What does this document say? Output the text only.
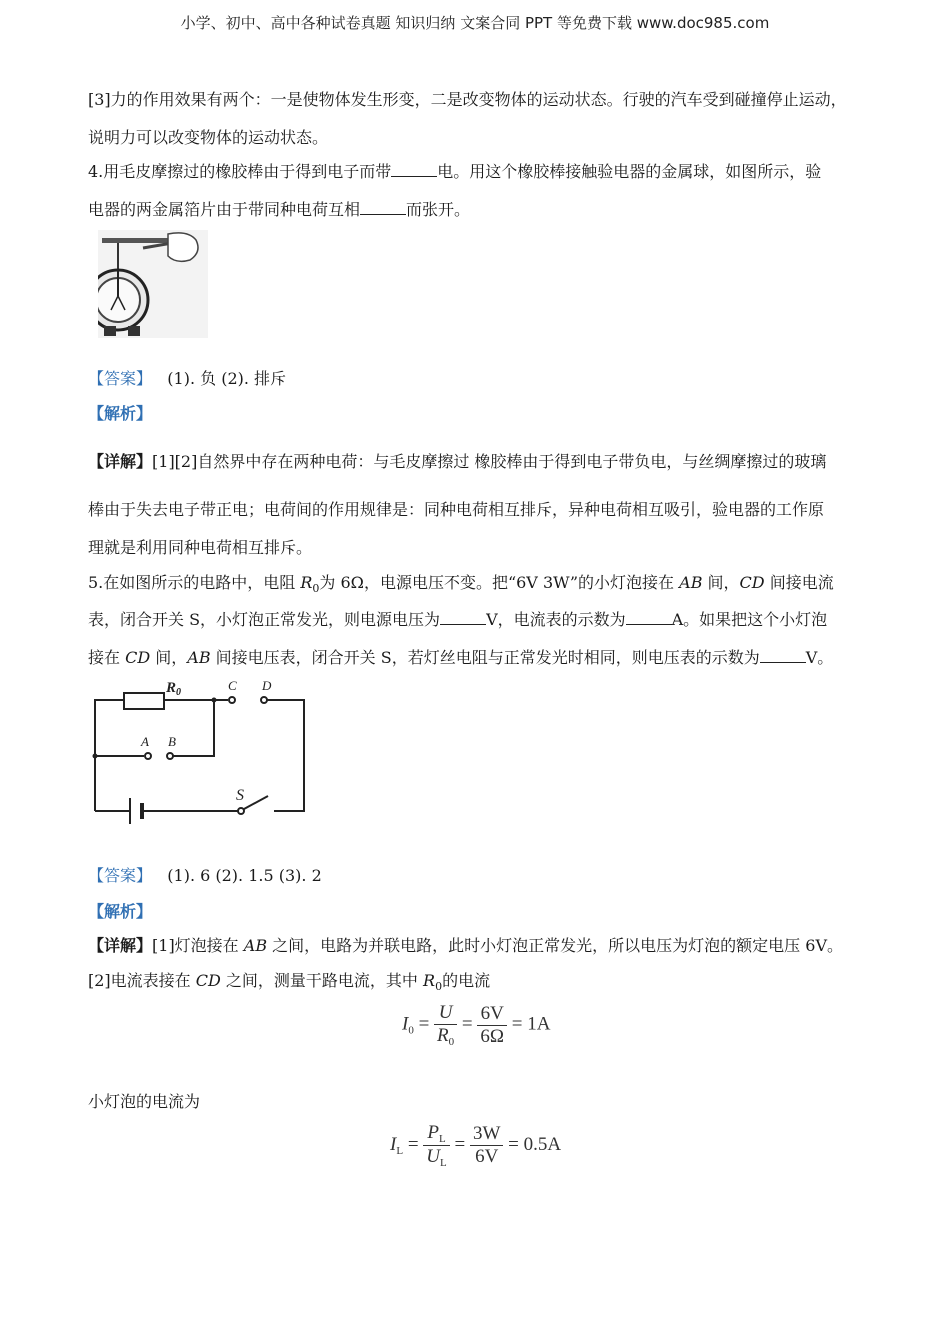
小学、初中、高中各种试卷真题 知识归纳 文案合同 PPT 等免费下载 www.doc985.com
[3]力的作用效果有两个：一是使物体发生形变，二是改变物体的运动状态。行驶的汽车受到碰撞停止运动，
说明力可以改变物体的运动状态。
4.用毛皮摩擦过的橡胶棒由于得到电子而带	电。用这个橡胶棒接触验电器的金属球，如图所示，验
电器的两金属箔片由于带同种电荷互相	而张开。
【答案】 (1). 负 (2). 排斥
【解析】
【详解】[1][2]自然界中存在两种电荷：与毛皮摩擦过 橡胶棒由于得到电子带负电，与丝绸摩擦过的玻璃
棒由于失去电子带正电；电荷间的作用规律是：同种电荷相互排斥，异种电荷相互吸引，验电器的工作原
理就是利用同种电荷相互排斥。
5.在如图所示的电路中，电阻 $R_0$为 6Ω，电源电压不变。把“6V 3W”的小灯泡接在 AB 间，CD 间接电流
表，闭合开关 S，小灯泡正常发光，则电源电压为	V，电流表的示数为	A。如果把这个小灯泡
接在 CD 间，AB 间接电压表，闭合开关 S，若灯丝电阻与正常发光时相同，则电压表的示数为	V。
$R_0$	C D
A B
S
【答案】 (1). 6 (2). 1.5 (3). 2
【解析】
【详解】[1]灯泡接在 AB 之间，电路为并联电路，此时小灯泡正常发光，所以电压为灯泡的额定电压 6V。
[2]电流表接在 CD 之间，测量干路电流，其中 $R_0$的电流
$I_0 = \frac{U}{R_0} = \frac{6V}{6\Omega} = 1A$
小灯泡的电流为
$I_L = \frac{P_L}{U_L} = \frac{3W}{6V} = 0.5A$
